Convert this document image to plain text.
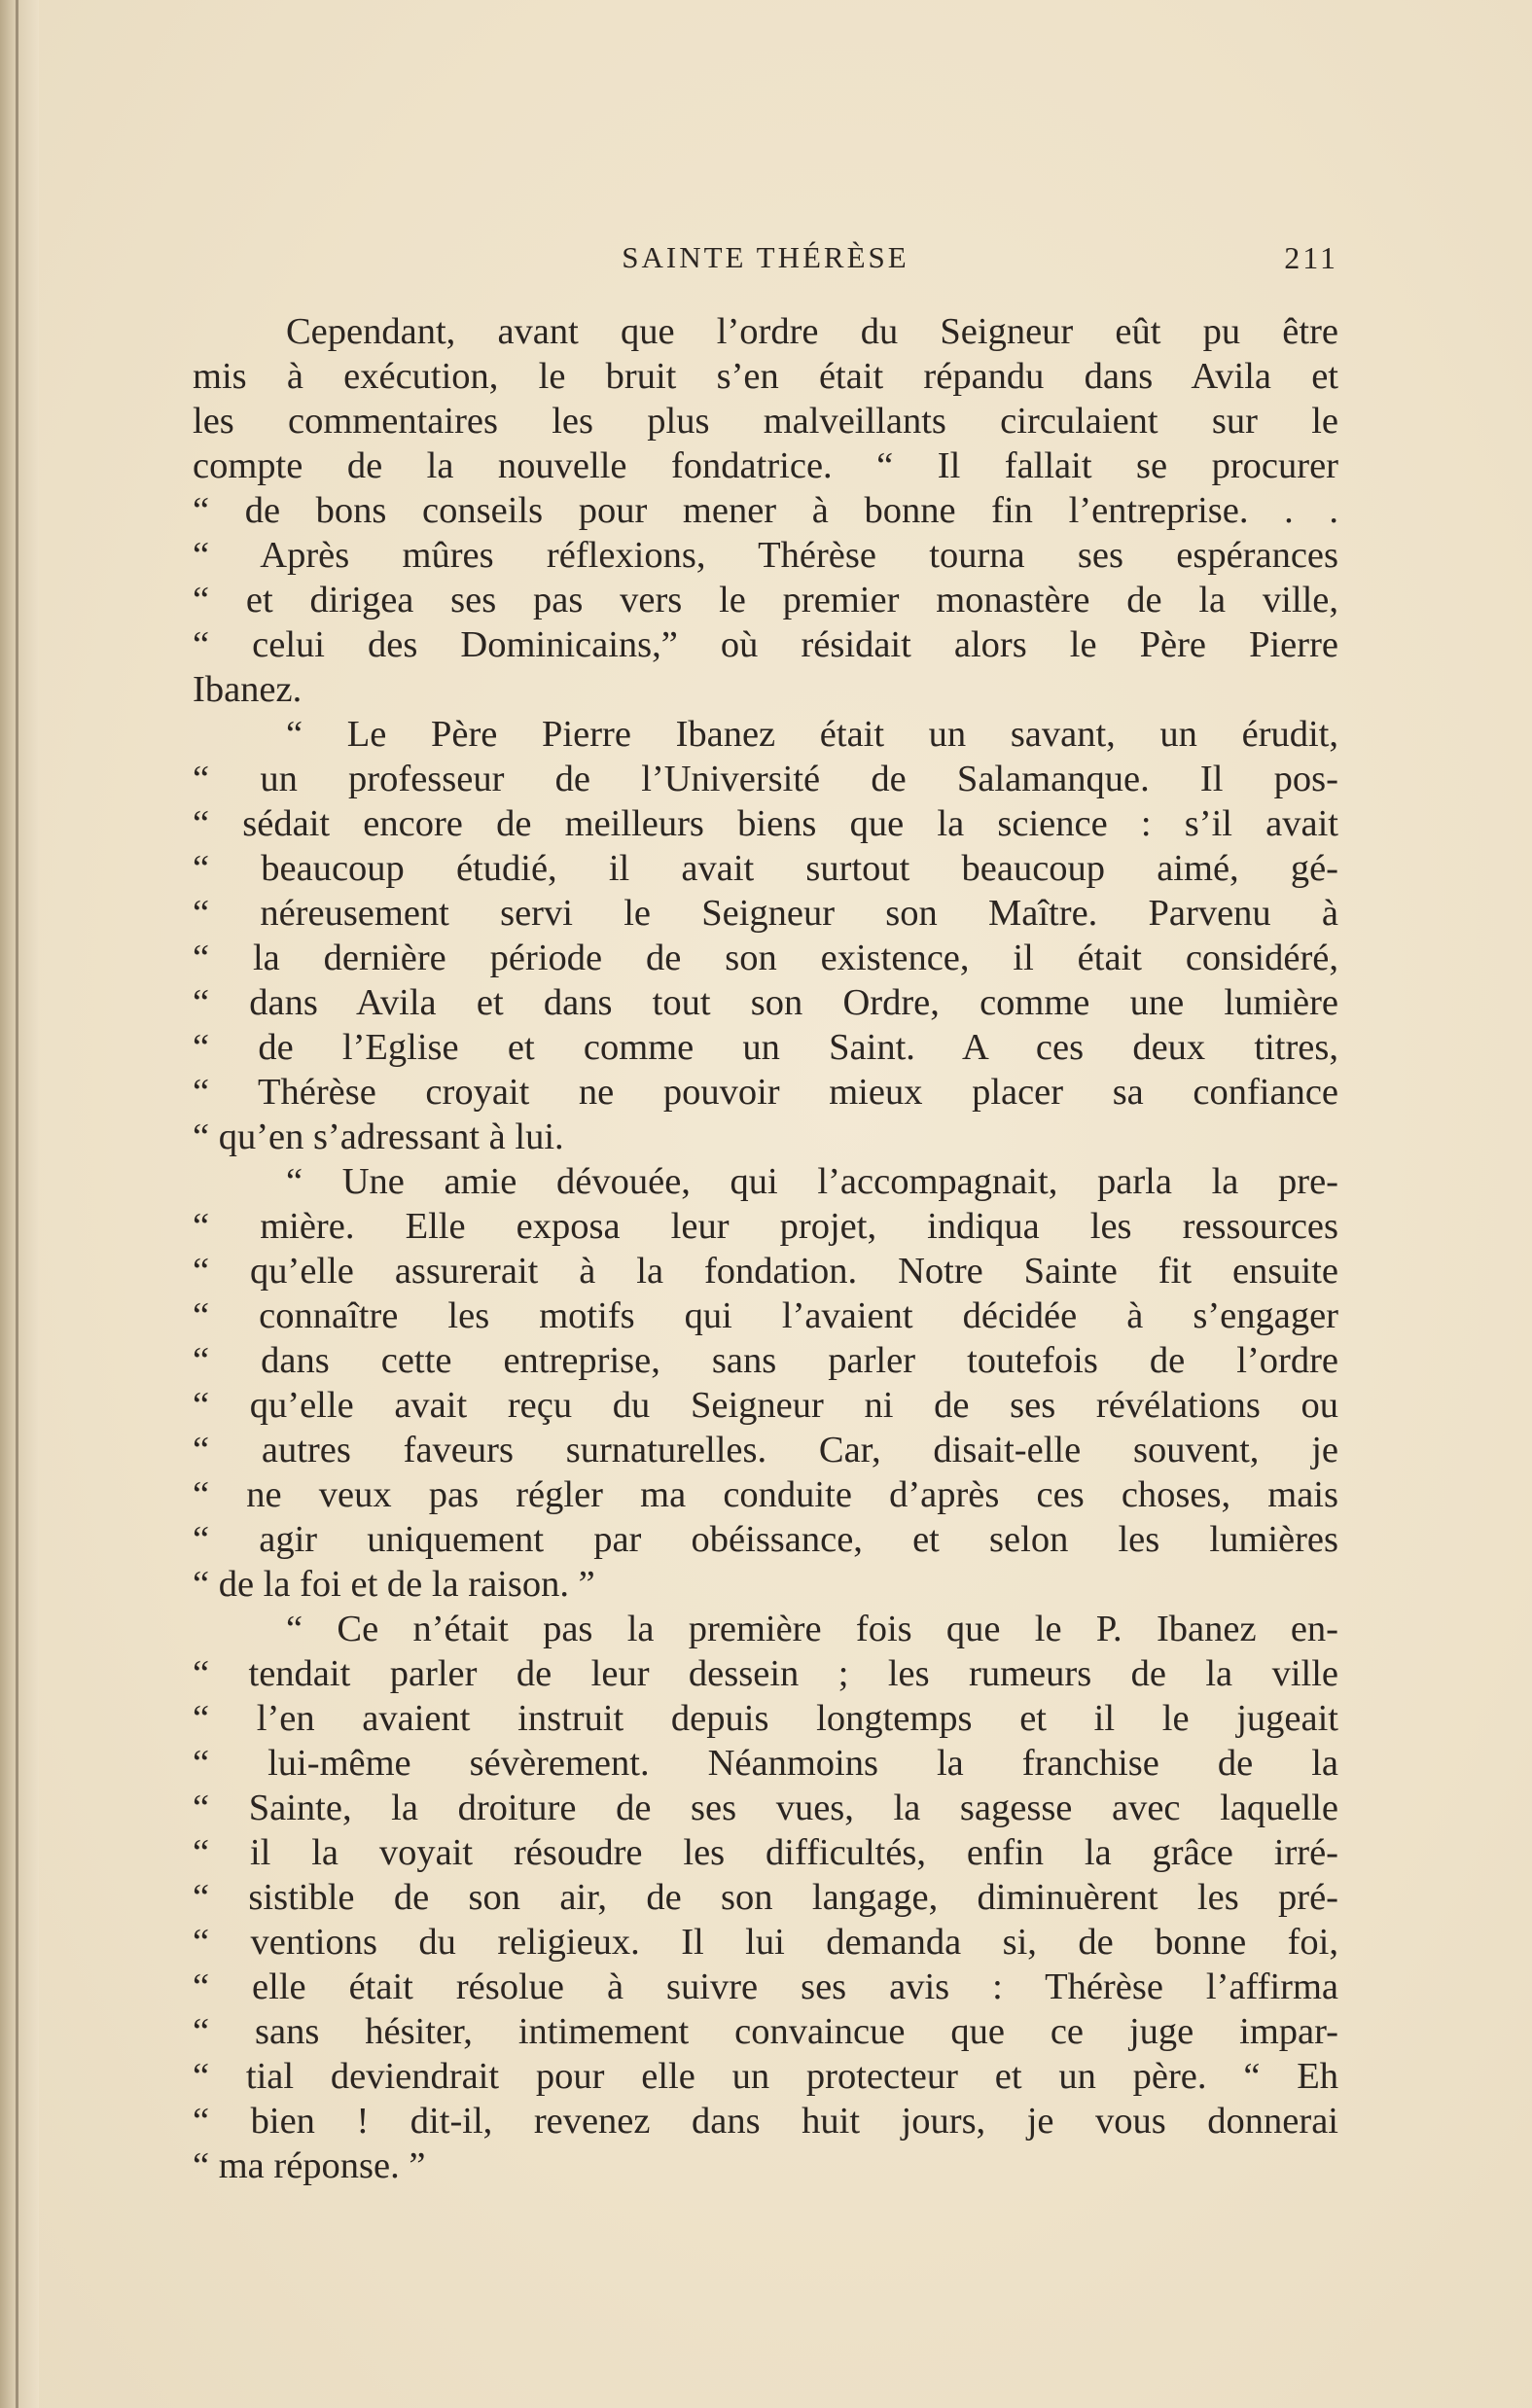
SAINTE THÉRÈSE	211
Cependant, avant que l’ordre du Seigneur eût pu être
mis à exécution, le bruit s’en était répandu dans Avila et
les commentaires les plus malveillants circulaient sur le
compte de la nouvelle fondatrice. “ Il fallait se procurer
“ de bons conseils pour mener à bonne fin l’entreprise. . .
“ Après mûres réflexions, Thérèse tourna ses espérances
“ et dirigea ses pas vers le premier monastère de la ville,
“ celui des Dominicains,” où résidait alors le Père Pierre
Ibanez.
“ Le Père Pierre Ibanez était un savant, un érudit,
“ un professeur de l’Université de Salamanque. Il pos-
“ sédait encore de meilleurs biens que la science : s’il avait
“ beaucoup étudié, il avait surtout beaucoup aimé, gé-
“ néreusement servi le Seigneur son Maître. Parvenu à
“ la dernière période de son existence, il était considéré,
“ dans Avila et dans tout son Ordre, comme une lumière
“ de l’Eglise et comme un Saint. A ces deux titres,
“ Thérèse croyait ne pouvoir mieux placer sa confiance
“ qu’en s’adressant à lui.
“ Une amie dévouée, qui l’accompagnait, parla la pre-
“ mière. Elle exposa leur projet, indiqua les ressources
“ qu’elle assurerait à la fondation. Notre Sainte fit ensuite
“ connaître les motifs qui l’avaient décidée à s’engager
“ dans cette entreprise, sans parler toutefois de l’ordre
“ qu’elle avait reçu du Seigneur ni de ses révélations ou
“ autres faveurs surnaturelles. Car, disait-elle souvent, je
“ ne veux pas régler ma conduite d’après ces choses, mais
“ agir uniquement par obéissance, et selon les lumières
“ de la foi et de la raison. ”
“ Ce n’était pas la première fois que le P. Ibanez en-
“ tendait parler de leur dessein ; les rumeurs de la ville
“ l’en avaient instruit depuis longtemps et il le jugeait
“ lui-même sévèrement. Néanmoins la franchise de la
“ Sainte, la droiture de ses vues, la sagesse avec laquelle
“ il la voyait résoudre les difficultés, enfin la grâce irré-
“ sistible de son air, de son langage, diminuèrent les pré-
“ ventions du religieux. Il lui demanda si, de bonne foi,
“ elle était résolue à suivre ses avis : Thérèse l’affirma
“ sans hésiter, intimement convaincue que ce juge impar-
“ tial deviendrait pour elle un protecteur et un père. “ Eh
“ bien ! dit-il, revenez dans huit jours, je vous donnerai
“ ma réponse. ”
